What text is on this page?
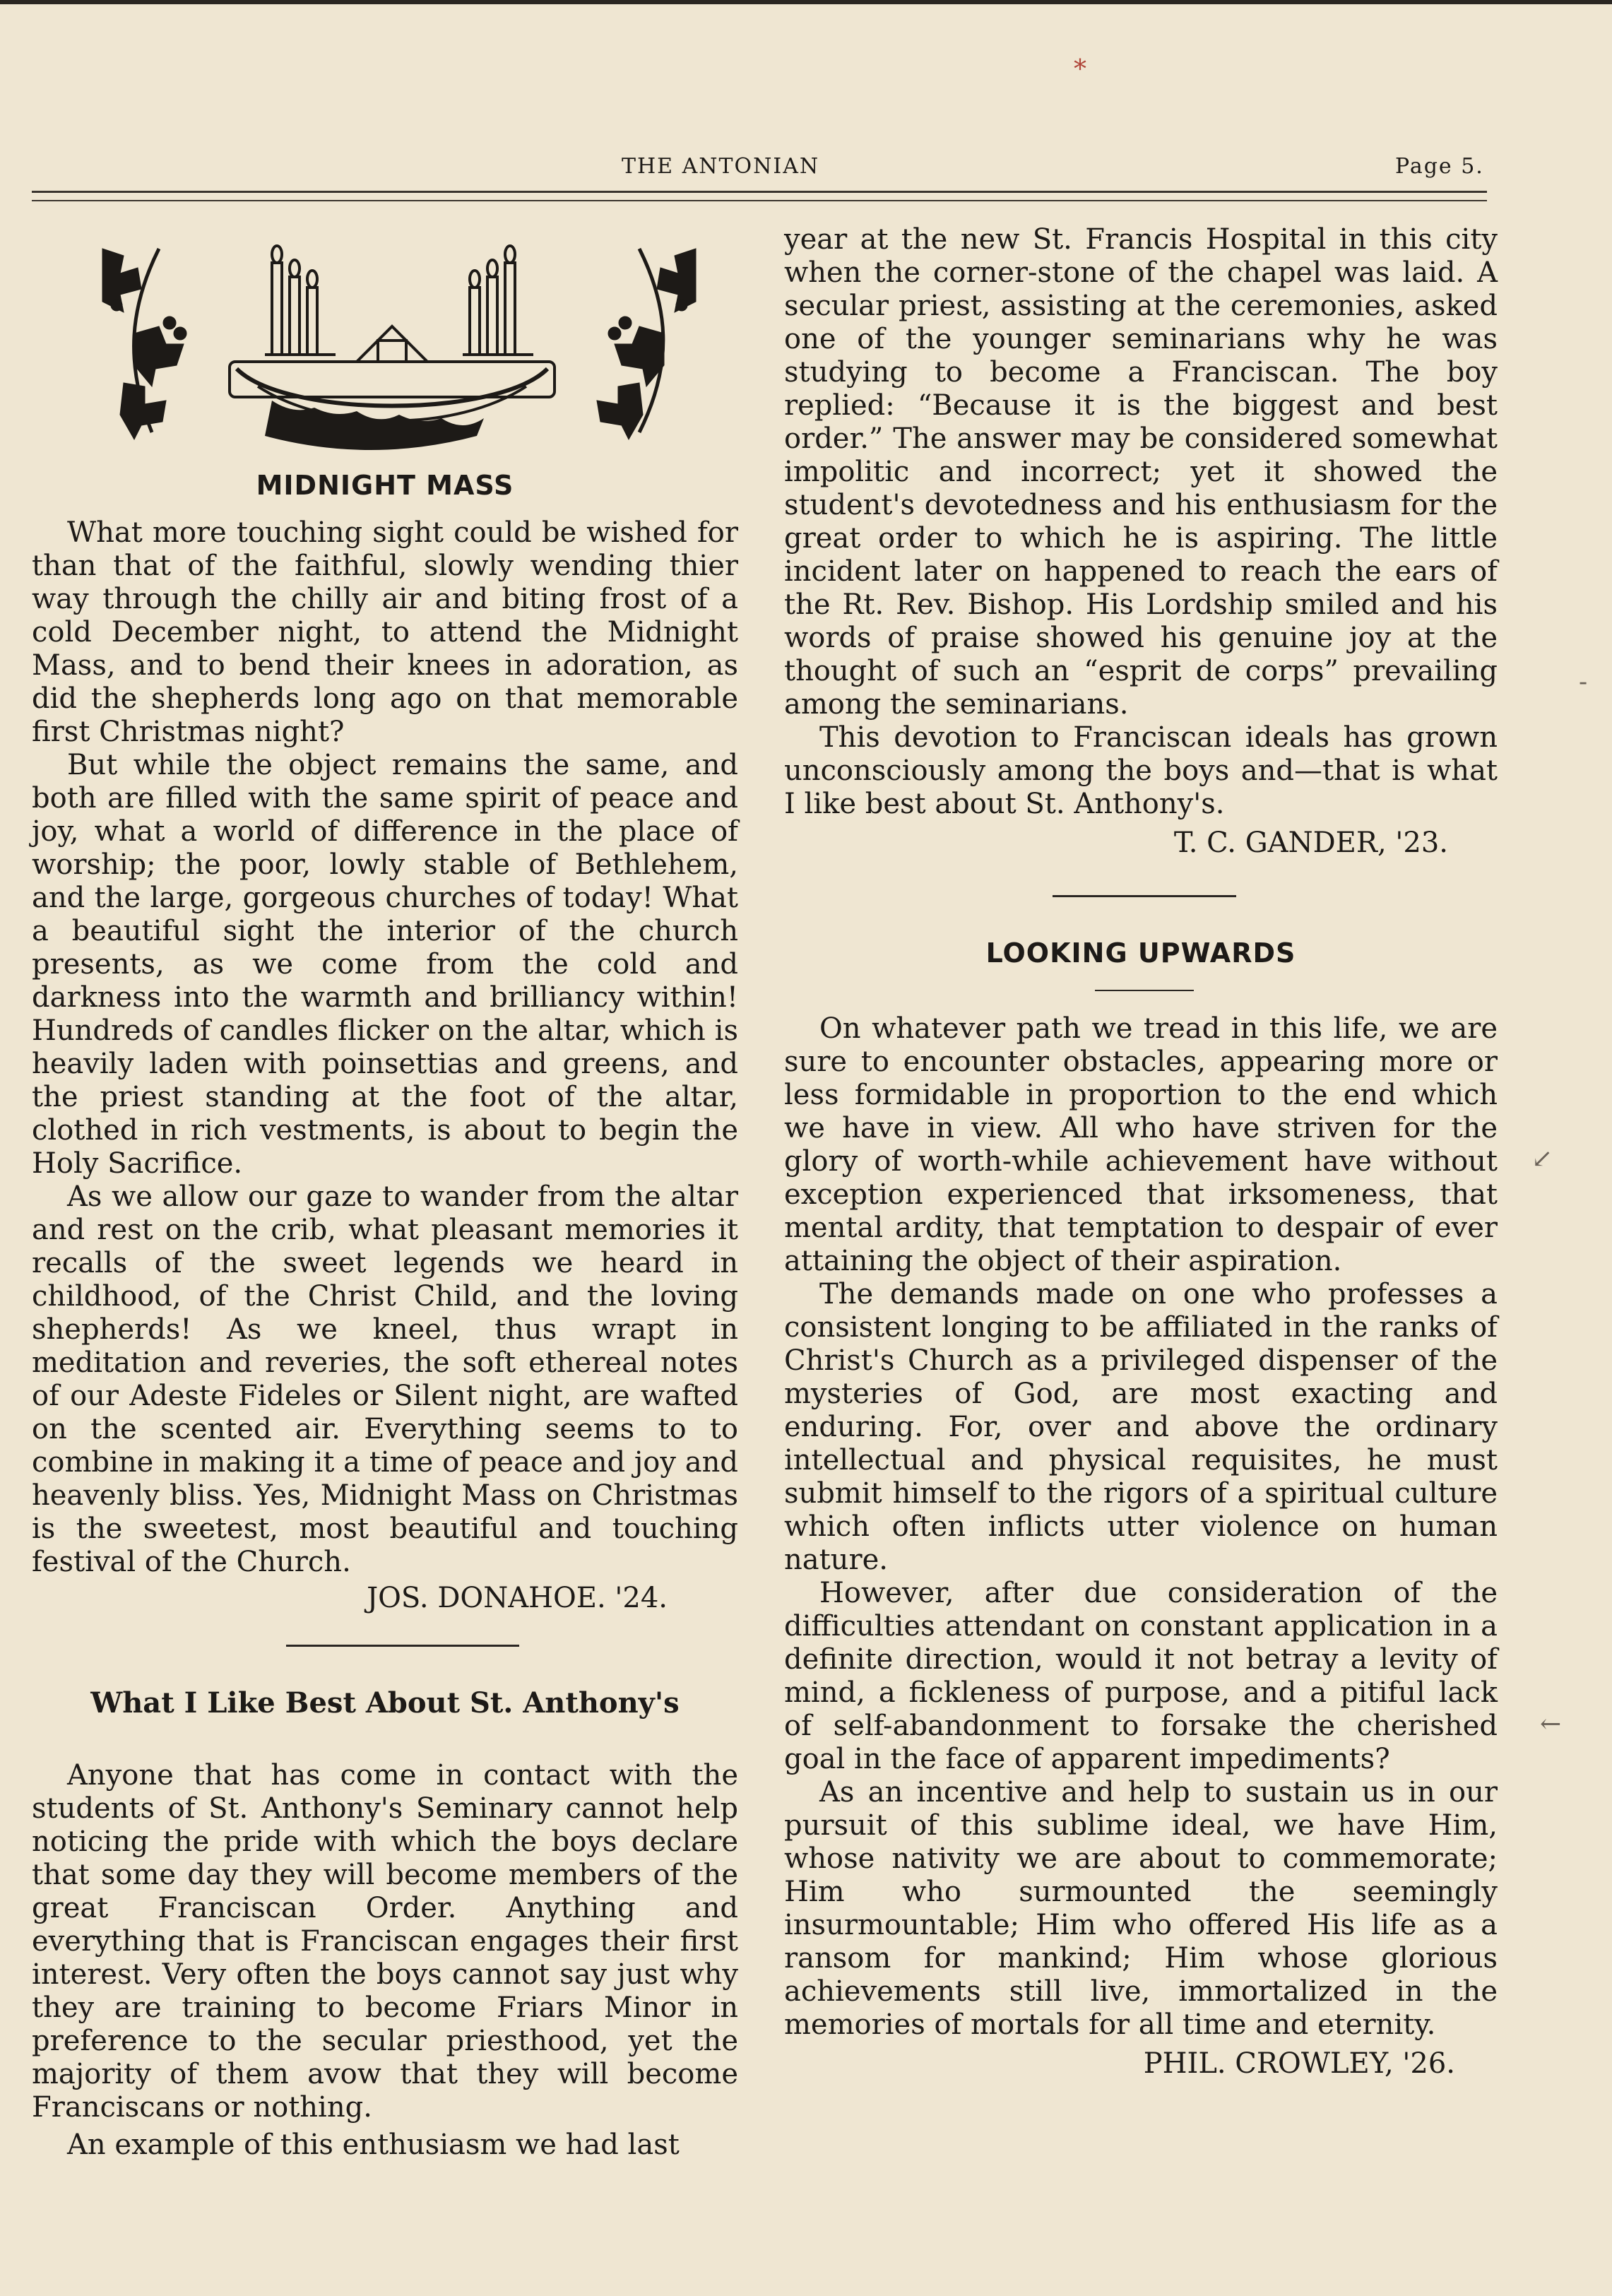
*
THE ANTONIAN	Page 5.
MIDNIGHT MASS

What more touching sight could be wished for than that of the faithful, slowly wending thier way through the chilly air and biting frost of a cold December night, to attend the Midnight Mass, and to bend their knees in adoration, as did the shepherds long ago on that memorable first Christmas night?

But while the object remains the same, and both are filled with the same spirit of peace and joy, what a world of difference in the place of worship; the poor, lowly stable of Bethlehem, and the large, gorgeous churches of today! What a beautiful sight the interior of the church presents, as we come from the cold and darkness into the warmth and brilliancy within! Hundreds of candles flicker on the altar, which is heavily laden with poinsettias and greens, and the priest standing at the foot of the altar, clothed in rich vestments, is about to begin the Holy Sacrifice.

As we allow our gaze to wander from the altar and rest on the crib, what pleasant memories it recalls of the sweet legends we heard in childhood, of the Christ Child, and the loving shepherds! As we kneel, thus wrapt in meditation and reveries, the soft ethereal notes of our Adeste Fideles or Silent night, are wafted on the scented air. Everything seems to to combine in making it a time of peace and joy and heavenly bliss. Yes, Midnight Mass on Christmas is the sweetest, most beautiful and touching festival of the Church.

JOS. DONAHOE. '24.

What I Like Best About St. Anthony's

Anyone that has come in contact with the students of St. Anthony's Seminary cannot help noticing the pride with which the boys declare that some day they will become members of the great Franciscan Order. Anything and everything that is Franciscan engages their first interest. Very often the boys cannot say just why they are training to become Friars Minor in preference to the secular priesthood, yet the majority of them avow that they will become Franciscans or nothing.

An example of this enthusiasm we had last

year at the new St. Francis Hospital in this city when the corner-stone of the chapel was laid. A secular priest, assisting at the ceremonies, asked one of the younger seminarians why he was studying to become a Franciscan. The boy replied: “Because it is the biggest and best order.” The answer may be considered somewhat impolitic and incorrect; yet it showed the student's devotedness and his enthusiasm for the great order to which he is aspiring. The little incident later on happened to reach the ears of the Rt. Rev. Bishop. His Lordship smiled and his words of praise showed his genuine joy at the thought of such an “esprit de corps” prevailing among the seminarians.

This devotion to Franciscan ideals has grown unconsciously among the boys and—that is what I like best about St. Anthony's.

T. C. GANDER, '23.

LOOKING UPWARDS

On whatever path we tread in this life, we are sure to encounter obstacles, appearing more or less formidable in proportion to the end which we have in view. All who have striven for the glory of worth-while achievement have without exception experienced that irksomeness, that mental ardity, that temptation to despair of ever attaining the object of their aspiration.

The demands made on one who professes a consistent longing to be affiliated in the ranks of Christ's Church as a privileged dispenser of the mysteries of God, are most exacting and enduring. For, over and above the ordinary intellectual and physical requisites, he must submit himself to the rigors of a spiritual culture which often inflicts utter violence on human nature.

However, after due consideration of the difficulties attendant on constant application in a definite direction, would it not betray a levity of mind, a fickleness of purpose, and a pitiful lack of self-abandonment to forsake the cherished goal in the face of apparent impediments?

As an incentive and help to sustain us in our pursuit of this sublime ideal, we have Him, whose nativity we are about to commemorate; Him who surmounted the seemingly insurmountable; Him who offered His life as a ransom for mankind; Him whose glorious achievements still live, immortalized in the memories of mortals for all time and eternity.

PHIL. CROWLEY, '26.

-
↙
←
